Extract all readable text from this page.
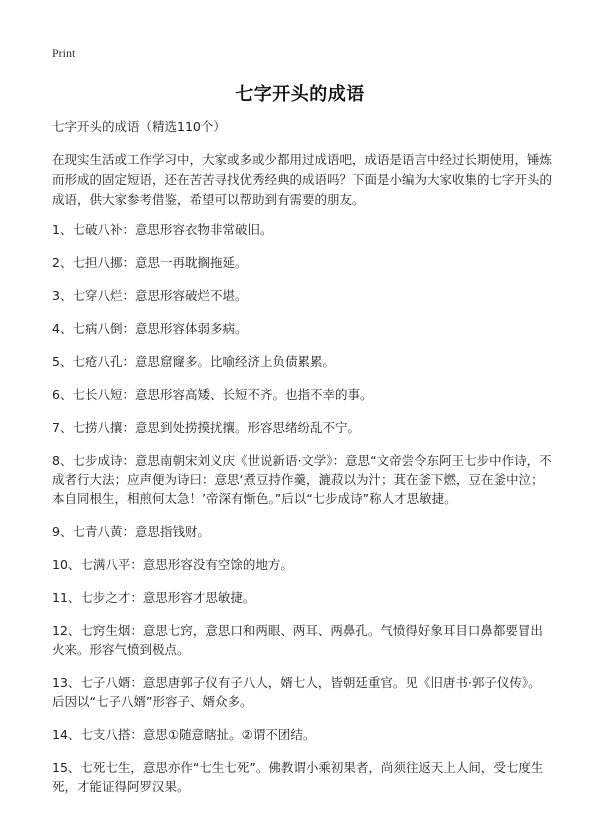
Print
七字开头的成语

七字开头的成语（精选110个）

在现实生活或工作学习中，大家或多或少都用过成语吧，成语是语言中经过长期使用，锤炼而形成的固定短语，还在苦苦寻找优秀经典的成语吗？下面是小编为大家收集的七字开头的成语，供大家参考借鉴，希望可以帮助到有需要的朋友。

1、七破八补：意思形容衣物非常破旧。

2、七担八挪：意思一再耽搁拖延。

3、七穿八烂：意思形容破烂不堪。

4、七病八倒：意思形容体弱多病。

5、七疮八孔：意思窟窿多。比喻经济上负债累累。

6、七长八短：意思形容高矮、长短不齐。也指不幸的事。

7、七捞八攘：意思到处捞摸扰攘。形容思绪纷乱不宁。

8、七步成诗：意思南朝宋刘义庆《世说新语·文学》：意思“文帝尝令东阿王七步中作诗，不成者行大法；应声便为诗曰：意思‘煮豆持作羹，漉菽以为汁；萁在釜下燃，豆在釜中泣；本自同根生，相煎何太急！’帝深有惭色。”后以“七步成诗”称人才思敏捷。

9、七青八黄：意思指钱财。

10、七满八平：意思形容没有空馀的地方。

11、七步之才：意思形容才思敏捷。

12、七窍生烟：意思七窍，意思口和两眼、两耳、两鼻孔。气愤得好象耳目口鼻都要冒出火来。形容气愤到极点。

13、七子八婿：意思唐郭子仪有子八人，婿七人，皆朝廷重官。见《旧唐书·郭子仪传》。后因以“七子八婿”形容子、婿众多。

14、七支八搭：意思①随意瞎扯。②谓不团结。

15、七死七生，意思亦作“七生七死”。佛教谓小乘初果者，尚须往返天上人间，受七度生死，才能证得阿罗汉果。
